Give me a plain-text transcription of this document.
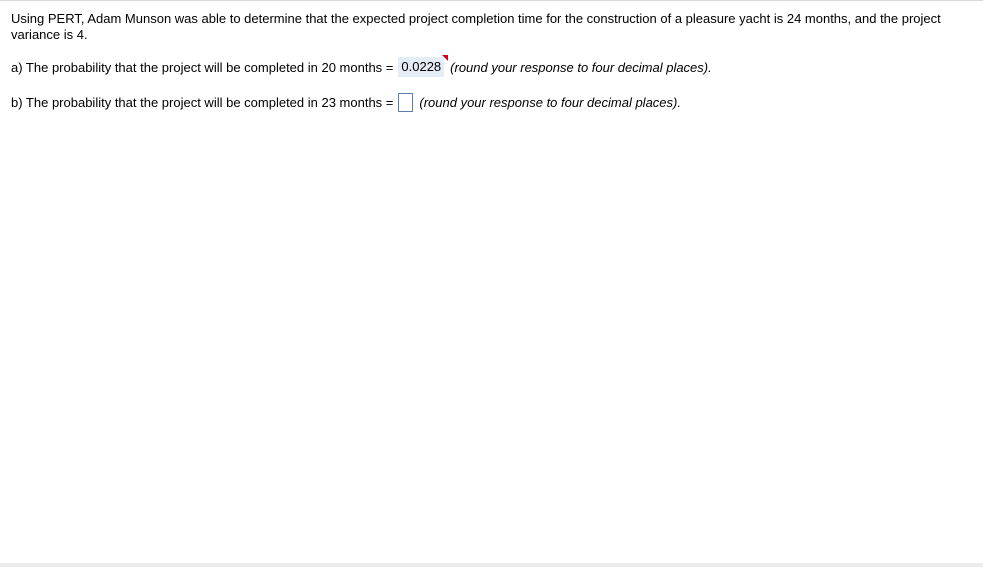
Using PERT, Adam Munson was able to determine that the expected project completion time for the construction of a pleasure yacht is 24 months, and the project variance is 4.
a) The probability that the project will be completed in 20 months = 0.0228 (round your response to four decimal places).
b) The probability that the project will be completed in 23 months = (round your response to four decimal places).
